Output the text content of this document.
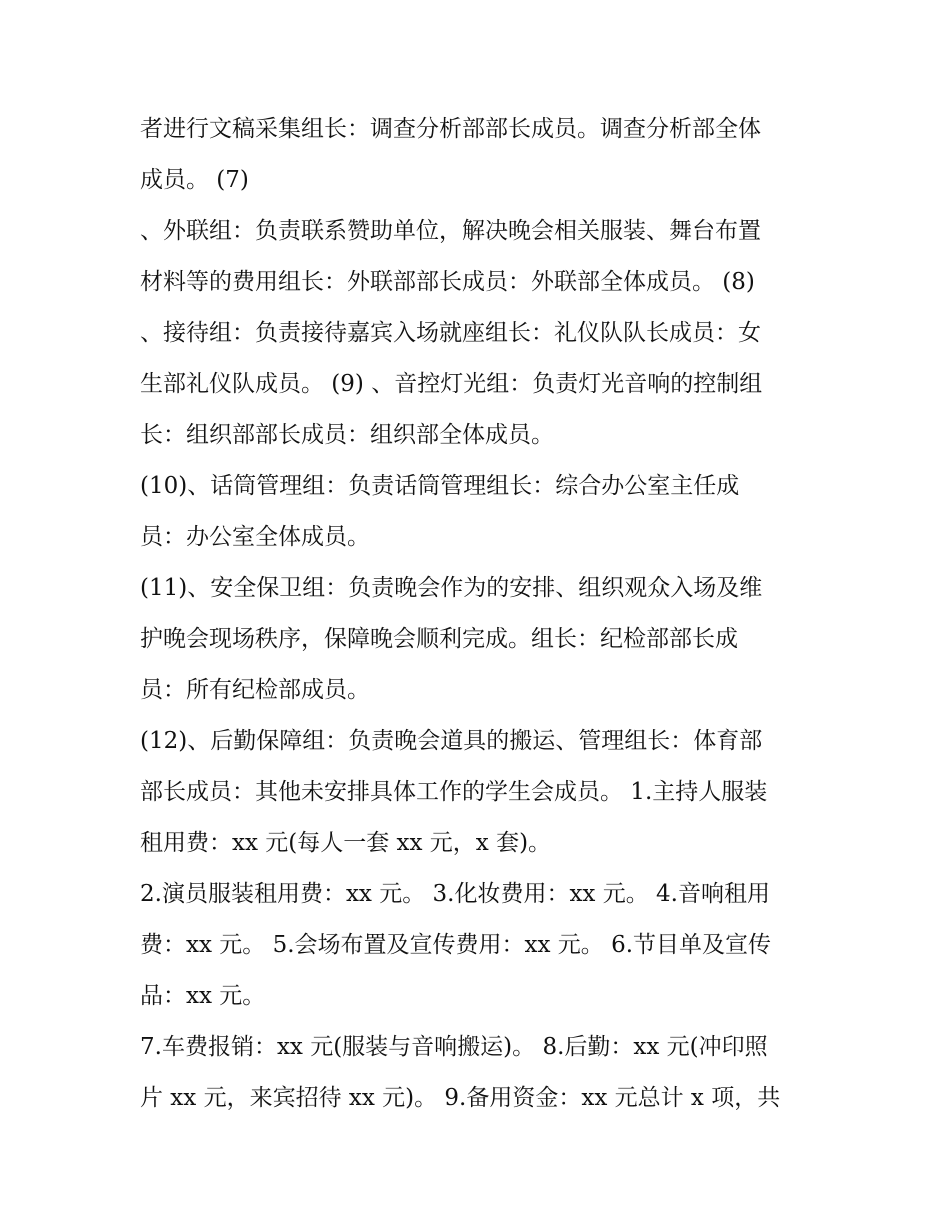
者进行文稿采集组长：调查分析部部长成员。调查分析部全体
成员。 (7)
、外联组：负责联系赞助单位，解决晚会相关服装、舞台布置
材料等的费用组长：外联部部长成员：外联部全体成员。 (8)
、接待组：负责接待嘉宾入场就座组长：礼仪队队长成员：女
生部礼仪队成员。 (9) 、音控灯光组：负责灯光音响的控制组
长：组织部部长成员：组织部全体成员。
(10)、话筒管理组：负责话筒管理组长：综合办公室主任成
员：办公室全体成员。
(11)、安全保卫组：负责晚会作为的安排、组织观众入场及维
护晚会现场秩序，保障晚会顺利完成。组长：纪检部部长成
员：所有纪检部成员。
(12)、后勤保障组：负责晚会道具的搬运、管理组长：体育部
部长成员：其他未安排具体工作的学生会成员。 1.主持人服装
租用费：xx 元(每人一套 xx 元，x 套)。
2.演员服装租用费：xx 元。 3.化妆费用：xx 元。 4.音响租用
费：xx 元。 5.会场布置及宣传费用：xx 元。 6.节目单及宣传
品：xx 元。
7.车费报销：xx 元(服装与音响搬运)。 8.后勤：xx 元(冲印照
片 xx 元，来宾招待 xx 元)。 9.备用资金：xx 元总计 x 项，共
